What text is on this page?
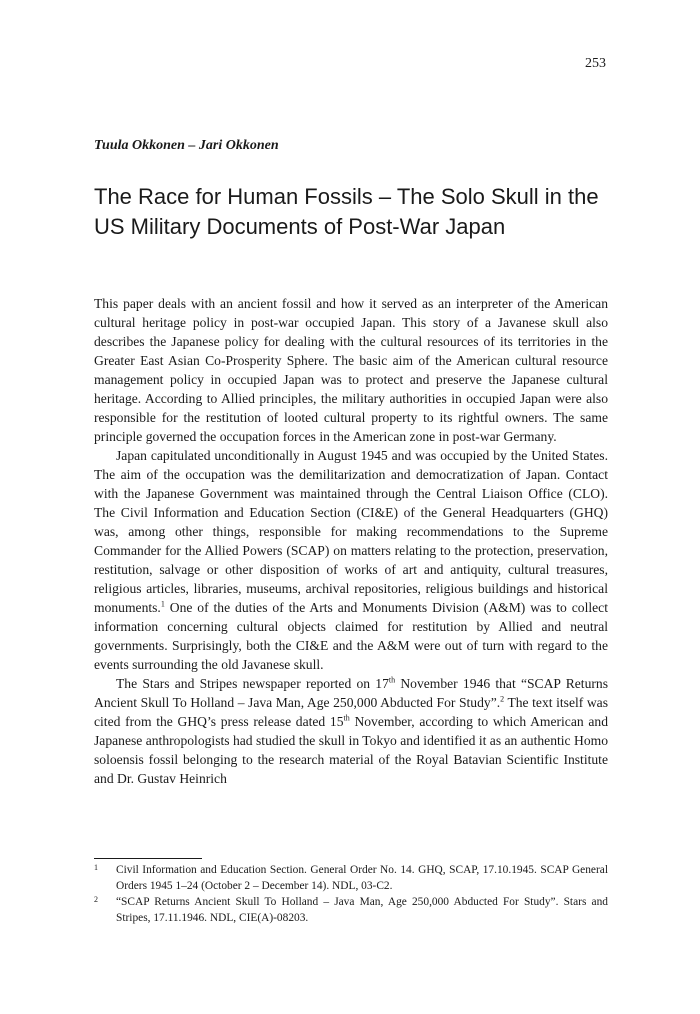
253
Tuula Okkonen – Jari Okkonen
The Race for Human Fossils – The Solo Skull in the US Military Documents of Post-War Japan

This paper deals with an ancient fossil and how it served as an interpreter of the American cultural heritage policy in post-war occupied Japan. This story of a Javanese skull also describes the Japanese policy for dealing with the cultural resources of its territories in the Greater East Asian Co-Prosperity Sphere. The basic aim of the American cultural resource management policy in occupied Japan was to protect and preserve the Japanese cultural heritage. According to Allied principles, the military authorities in occupied Japan were also responsible for the restitution of looted cultural property to its rightful owners. The same principle governed the occupation forces in the American zone in post-war Germany.

Japan capitulated unconditionally in August 1945 and was occupied by the United States. The aim of the occupation was the demilitarization and democratization of Japan. Contact with the Japanese Government was maintained through the Central Liaison Office (CLO). The Civil Information and Education Section (CI&E) of the General Headquarters (GHQ) was, among other things, responsible for making recommendations to the Supreme Commander for the Allied Powers (SCAP) on matters relating to the protection, preservation, restitution, salvage or other disposition of works of art and antiquity, cultural treasures, religious articles, libraries, museums, archival repositories, religious buildings and historical monuments.$^1$ One of the duties of the Arts and Monuments Division (A&M) was to collect information concerning cultural objects claimed for restitution by Allied and neutral governments. Surprisingly, both the CI&E and the A&M were out of turn with regard to the events surrounding the old Javanese skull.

The Stars and Stripes newspaper reported on 17th November 1946 that “SCAP Returns Ancient Skull To Holland – Java Man, Age 250,000 Abducted For Study”.$^2$ The text itself was cited from the GHQ’s press release dated 15th November, according to which American and Japanese anthropologists had studied the skull in Tokyo and identified it as an authentic Homo soloensis fossil belonging to the research material of the Royal Batavian Scientific Institute and Dr. Gustav Heinrich

1 Civil Information and Education Section. General Order No. 14. GHQ, SCAP, 17.10.1945. SCAP General Orders 1945 1–24 (October 2 – December 14). NDL, 03-C2.
2 “SCAP Returns Ancient Skull To Holland – Java Man, Age 250,000 Abducted For Study”. Stars and Stripes, 17.11.1946. NDL, CIE(A)-08203.
